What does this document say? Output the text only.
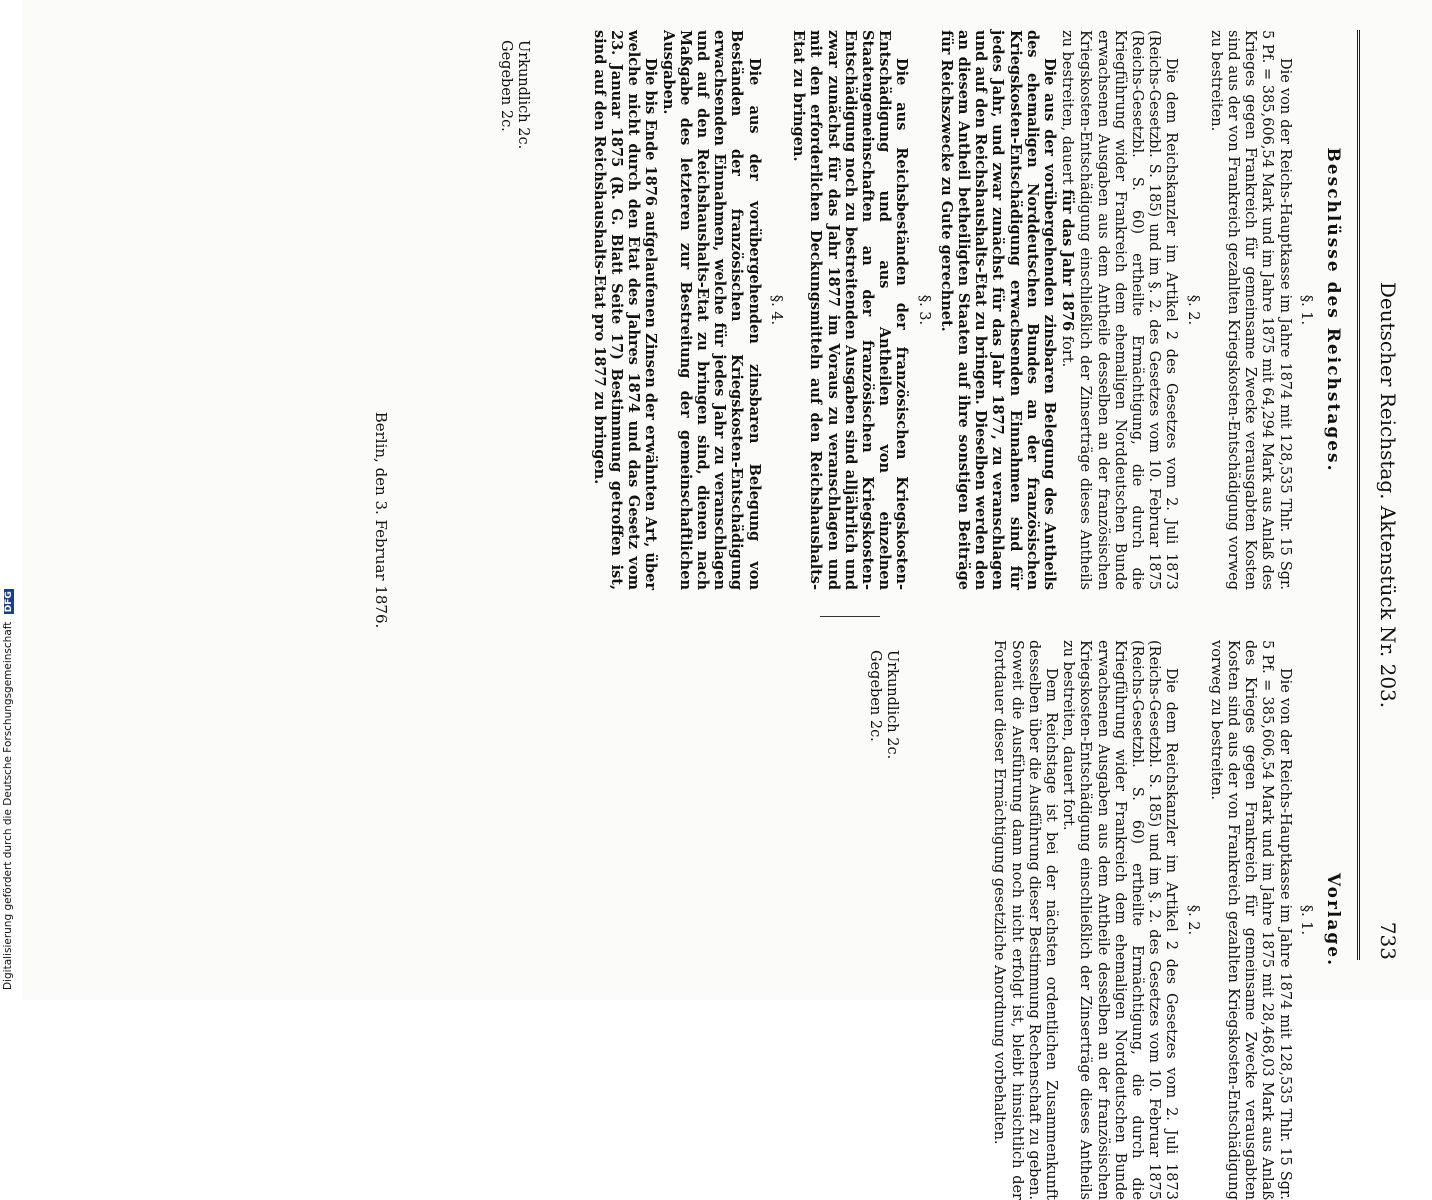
Deutscher Reichstag. Aktenstück Nr. 203.
733
Beschlüsse des Reichstages.
§. 1.

Die von der Reichs-Hauptkasse im Jahre 1874 mit 128,535 Thlr. 15 Sgr. 5 Pf. = 385,606,54 Mark und im Jahre 1875 mit 64,294 Mark aus Anlaß des Krieges gegen Frankreich für gemeinsame Zwecke verausgabten Kosten sind aus der von Frankreich gezahlten Kriegskosten-Entschädigung vorweg zu bestreiten.

§. 2.

Die dem Reichskanzler im Artikel 2 des Gesetzes vom 2. Juli 1873 (Reichs-Gesetzbl. S. 185) und im §. 2. des Gesetzes vom 10. Februar 1875 (Reichs-Gesetzbl. S. 60) ertheilte Ermächtigung, die durch die Kriegführung wider Frankreich dem ehemaligen Norddeutschen Bunde erwachsenen Ausgaben aus dem Antheile desselben an der französischen Kriegskosten-Entschädigung einschließlich der Zinserträge dieses Antheils zu bestreiten, dauert für das Jahr 1876 fort.

Die aus der vorübergehenden zinsbaren Belegung des Antheils des ehemaligen Norddeutschen Bundes an der französischen Kriegskosten-Entschädigung erwachsenden Einnahmen sind für jedes Jahr, und zwar zunächst für das Jahr 1877, zu veranschlagen und auf den Reichshaushalts-Etat zu bringen. Dieselben werden den an diesem Antheil betheiligten Staaten auf ihre sonstigen Beiträge für Reichszwecke zu Gute gerechnet.

§. 3.

Die aus Reichsbeständen der französischen Kriegskosten-Entschädigung und aus Antheilen von einzelnen Staatengemeinschaften an der französischen Kriegskosten-Entschädigung noch zu bestreitenden Ausgaben sind alljährlich und zwar zunächst für das Jahr 1877 im Voraus zu veranschlagen und mit den erforderlichen Deckungsmitteln auf den Reichshaushalts-Etat zu bringen.

§. 4.

Die aus der vorübergehenden zinsbaren Belegung von Beständen der französischen Kriegskosten-Entschädigung erwachsenden Einnahmen, welche für jedes Jahr zu veranschlagen und auf den Reichshaushalts-Etat zu bringen sind, dienen nach Maßgabe des letzteren zur Bestreitung der gemeinschaftlichen Ausgaben.

Die bis Ende 1876 aufgelaufenen Zinsen der erwähnten Art, über welche nicht durch den Etat des Jahres 1874 und das Gesetz vom 23. Januar 1875 (R. G. Blatt Seite 17) Bestimmung getroffen ist, sind auf den Reichshaushalts-Etat pro 1877 zu bringen.

Urkundlich 2c.
Gegeben 2c.
Vorlage.
§. 1.

Die von der Reichs-Hauptkasse im Jahre 1874 mit 128,535 Thlr. 15 Sgr. 5 Pf. = 385,606,54 Mark und im Jahre 1875 mit 28,468,03 Mark aus Anlaß des Krieges gegen Frankreich für gemeinsame Zwecke verausgabten Kosten sind aus der von Frankreich gezahlten Kriegskosten-Entschädigung vorweg zu bestreiten.

§. 2.

Die dem Reichskanzler im Artikel 2 des Gesetzes vom 2. Juli 1873 (Reichs-Gesetzbl. S. 185) und im §. 2. des Gesetzes vom 10. Februar 1875 (Reichs-Gesetzbl. S. 60) ertheilte Ermächtigung, die durch die Kriegführung wider Frankreich dem ehemaligen Norddeutschen Bunde erwachsenen Ausgaben aus dem Antheile desselben an der französischen Kriegskosten-Entschädigung einschließlich der Zinserträge dieses Antheils zu bestreiten, dauert fort.

Dem Reichstage ist bei der nächsten ordentlichen Zusammenkunft desselben über die Ausführung dieser Bestimmung Rechenschaft zu geben. Soweit die Ausführung dann noch nicht erfolgt ist, bleibt hinsichtlich der Fortdauer dieser Ermächtigung gesetzliche Anordnung vorbehalten.

Urkundlich 2c.
Gegeben 2c.
Berlin, den 3. Februar 1876.
Digitalisierung gefördert durch die Deutsche Forschungsgemeinschaft DFG
